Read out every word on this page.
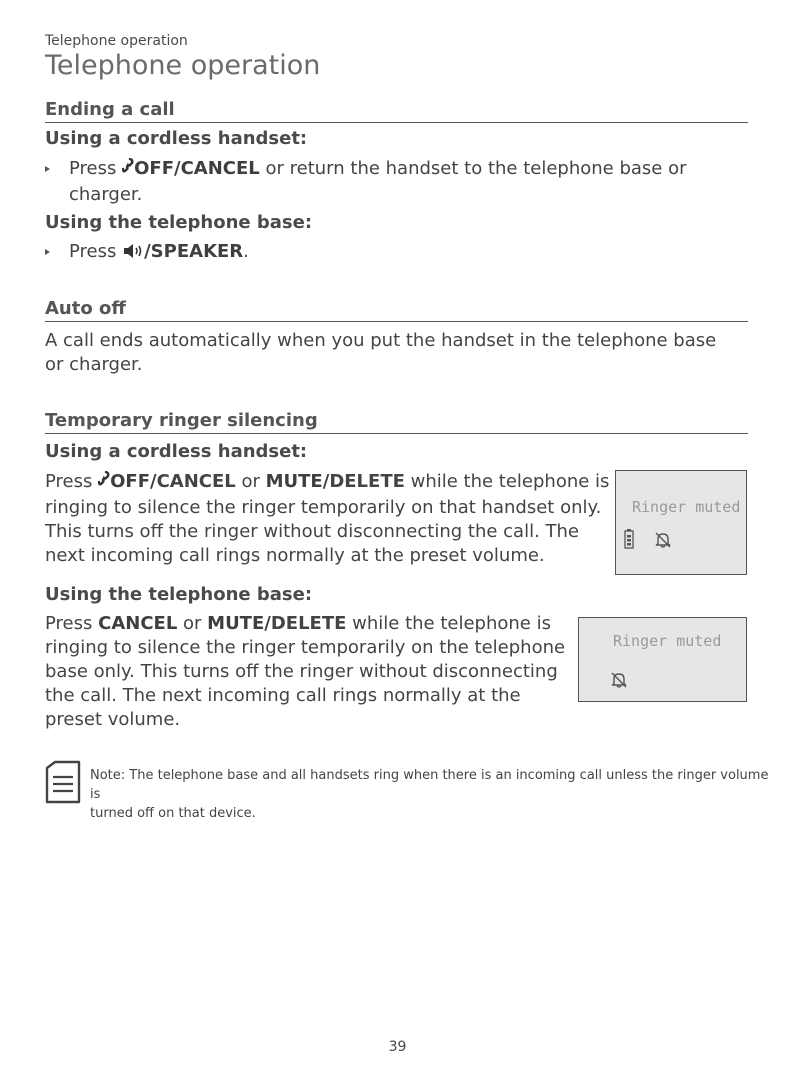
Telephone operation
Telephone operation
Ending a call
Using a cordless handset:
Press OFF/CANCEL or return the handset to the telephone base or
charger.
Using the telephone base:
Press /SPEAKER.
Auto off

A call ends automatically when you put the handset in the telephone base
or charger.

Temporary ringer silencing
Using a cordless handset:

Press OFF/CANCEL or MUTE/DELETE while the telephone is
ringing to silence the ringer temporarily on that handset only.
This turns off the ringer without disconnecting the call. The
next incoming call rings normally at the preset volume.

Ringer muted
Using the telephone base:

Press CANCEL or MUTE/DELETE while the telephone is
ringing to silence the ringer temporarily on the telephone
base only. This turns off the ringer without disconnecting
the call. The next incoming call rings normally at the
preset volume.

Ringer muted
Note: The telephone base and all handsets ring when there is an incoming call unless the ringer volume is
turned off on that device.
39
